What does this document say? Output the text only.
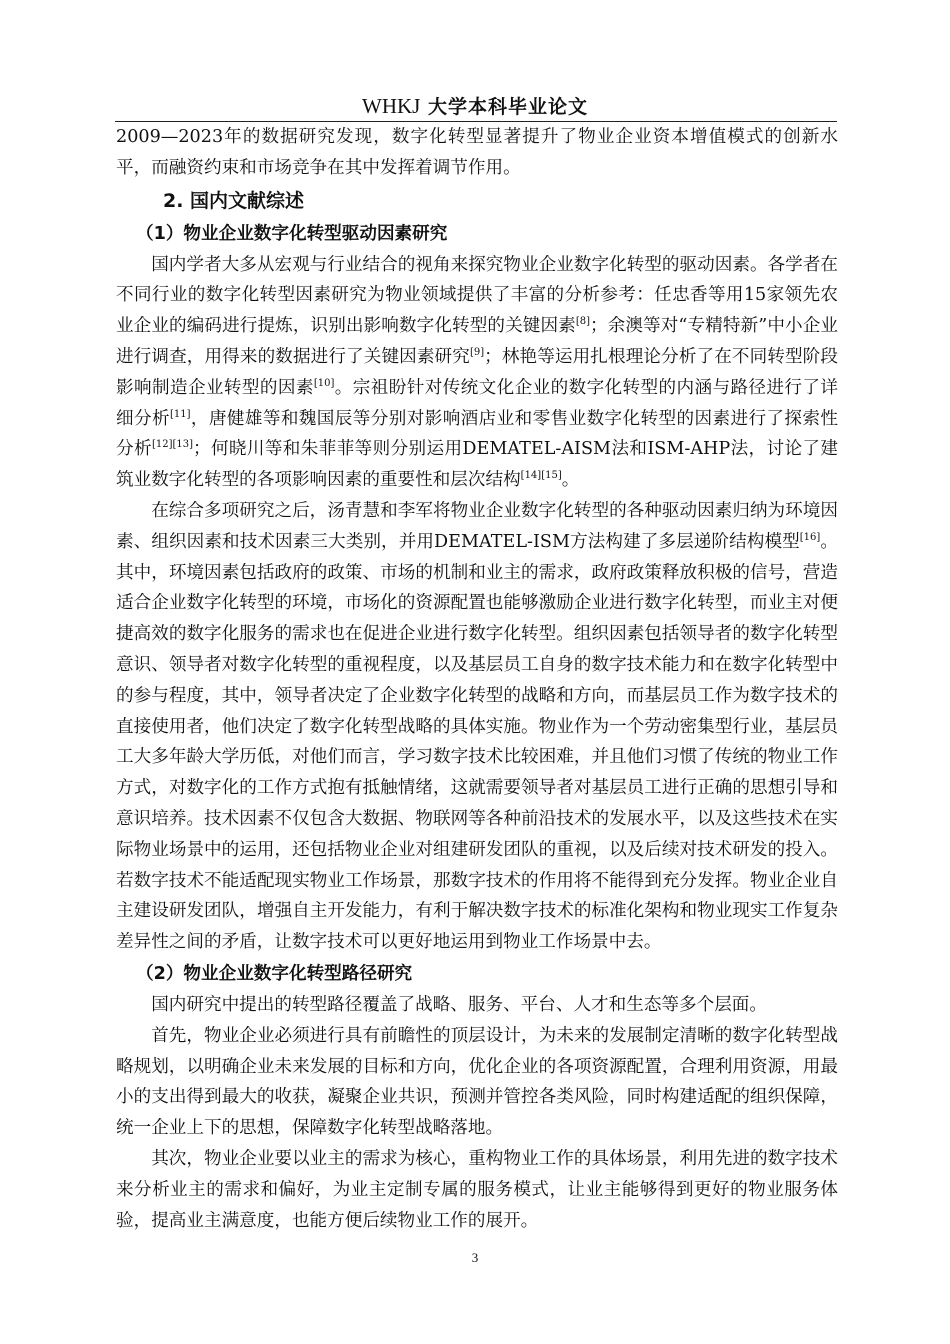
WHKJ 大学本科毕业论文

2009—2023年的数据研究发现，数字化转型显著提升了物业企业资本增值模式的创新水平，而融资约束和市场竞争在其中发挥着调节作用。

2. 国内文献综述
（1）物业企业数字化转型驱动因素研究

国内学者大多从宏观与行业结合的视角来探究物业企业数字化转型的驱动因素。各学者在不同行业的数字化转型因素研究为物业领域提供了丰富的分析参考：任忠香等用15家领先农业企业的编码进行提炼，识别出影响数字化转型的关键因素[8]；余澳等对“专精特新”中小企业进行调查，用得来的数据进行了关键因素研究[9]；林艳等运用扎根理论分析了在不同转型阶段影响制造企业转型的因素[10]。宗祖盼针对传统文化企业的数字化转型的内涵与路径进行了详细分析[11]，唐健雄等和魏国辰等分别对影响酒店业和零售业数字化转型的因素进行了探索性分析[12][13]；何晓川等和朱菲菲等则分别运用DEMATEL-AISM法和ISM-AHP法，讨论了建筑业数字化转型的各项影响因素的重要性和层次结构[14][15]。

在综合多项研究之后，汤青慧和李军将物业企业数字化转型的各种驱动因素归纳为环境因素、组织因素和技术因素三大类别，并用DEMATEL-ISM方法构建了多层递阶结构模型[16]。其中，环境因素包括政府的政策、市场的机制和业主的需求，政府政策释放积极的信号，营造适合企业数字化转型的环境，市场化的资源配置也能够激励企业进行数字化转型，而业主对便捷高效的数字化服务的需求也在促进企业进行数字化转型。组织因素包括领导者的数字化转型意识、领导者对数字化转型的重视程度，以及基层员工自身的数字技术能力和在数字化转型中的参与程度，其中，领导者决定了企业数字化转型的战略和方向，而基层员工作为数字技术的直接使用者，他们决定了数字化转型战略的具体实施。物业作为一个劳动密集型行业，基层员工大多年龄大学历低，对他们而言，学习数字技术比较困难，并且他们习惯了传统的物业工作方式，对数字化的工作方式抱有抵触情绪，这就需要领导者对基层员工进行正确的思想引导和意识培养。技术因素不仅包含大数据、物联网等各种前沿技术的发展水平，以及这些技术在实际物业场景中的运用，还包括物业企业对组建研发团队的重视，以及后续对技术研发的投入。若数字技术不能适配现实物业工作场景，那数字技术的作用将不能得到充分发挥。物业企业自主建设研发团队，增强自主开发能力，有利于解决数字技术的标准化架构和物业现实工作复杂差异性之间的矛盾，让数字技术可以更好地运用到物业工作场景中去。

（2）物业企业数字化转型路径研究

国内研究中提出的转型路径覆盖了战略、服务、平台、人才和生态等多个层面。

首先，物业企业必须进行具有前瞻性的顶层设计，为未来的发展制定清晰的数字化转型战略规划，以明确企业未来发展的目标和方向，优化企业的各项资源配置，合理利用资源，用最小的支出得到最大的收获，凝聚企业共识，预测并管控各类风险，同时构建适配的组织保障，统一企业上下的思想，保障数字化转型战略落地。

其次，物业企业要以业主的需求为核心，重构物业工作的具体场景，利用先进的数字技术来分析业主的需求和偏好，为业主定制专属的服务模式，让业主能够得到更好的物业服务体验，提高业主满意度，也能方便后续物业工作的展开。

3
